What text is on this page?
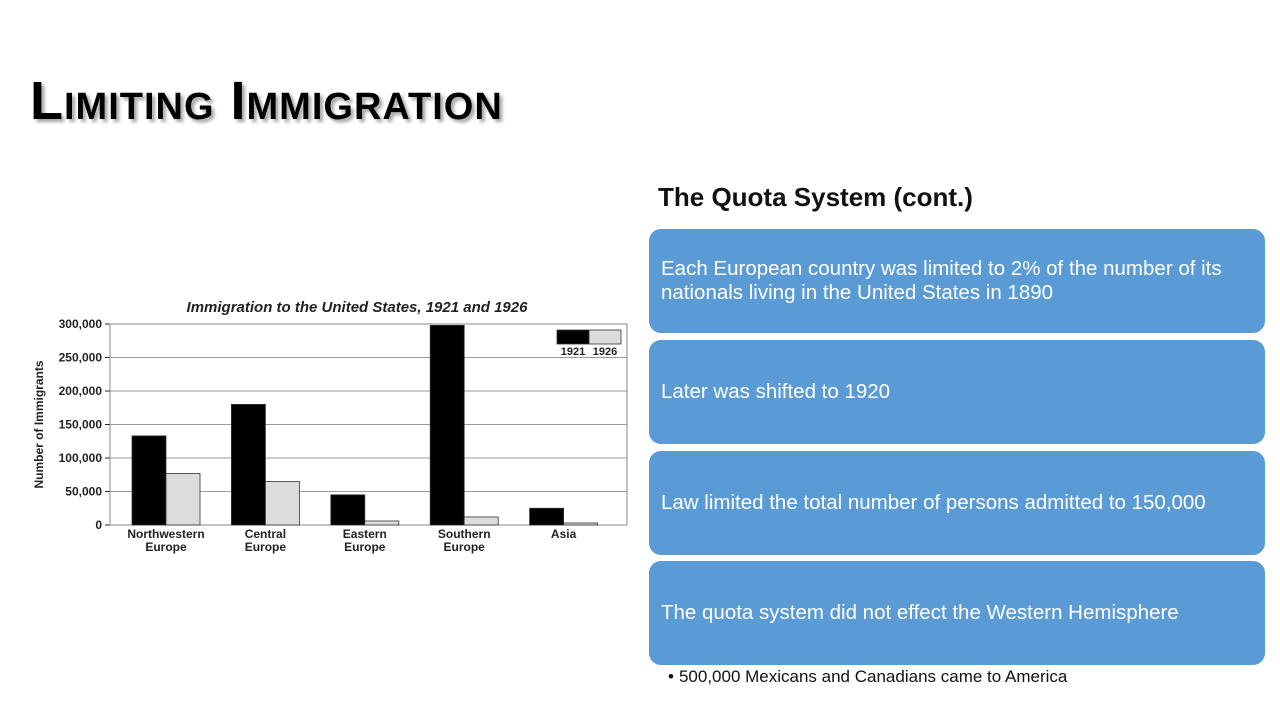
Limiting Immigration
The Quota System (cont.)
Immigration to the United States, 1921 and 1926
Number of Immigrants
0
50,000
100,000
150,000
200,000
250,000
300,000
Northwestern
Europe
Central
Europe
Eastern
Europe
Southern
Europe
Asia
1921 1926
Each European country was limited to 2% of the number of its nationals living in the United States in 1890
Later was shifted to 1920
Law limited the total number of persons admitted to 150,000
The quota system did not effect the Western Hemisphere
• 500,000 Mexicans and Canadians came to America
